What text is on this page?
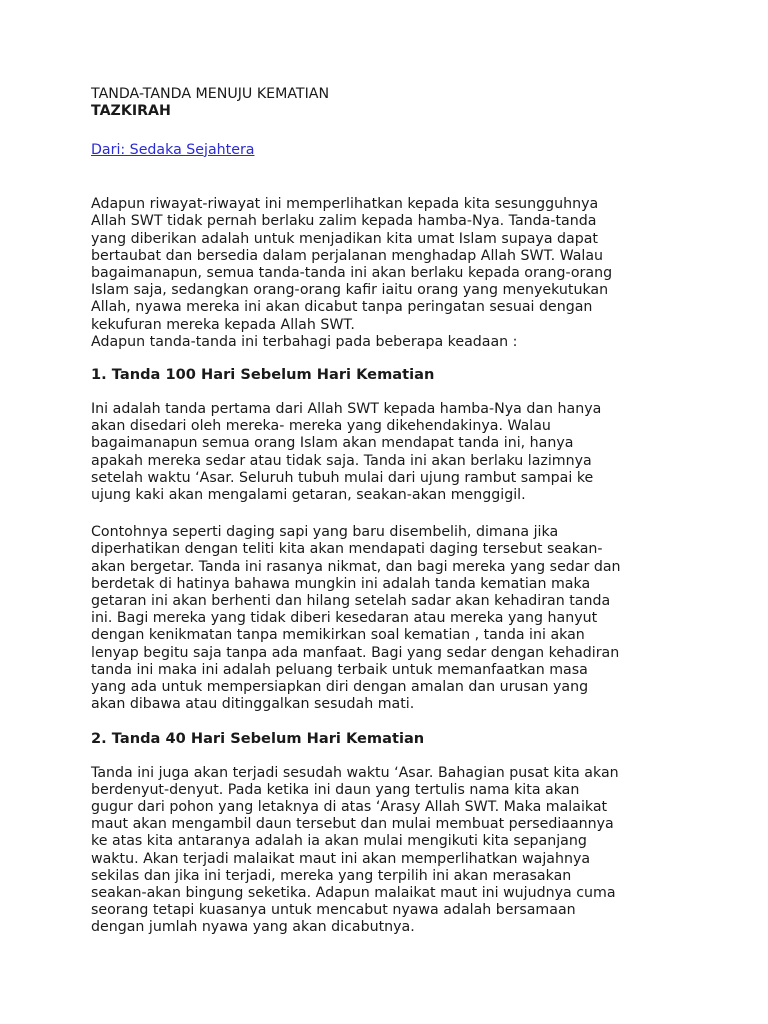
TANDA-TANDA MENUJU KEMATIAN
TAZKIRAH
Dari: Sedaka Sejahtera
Adapun riwayat-riwayat ini memperlihatkan kepada kita sesungguhnya
Allah SWT tidak pernah berlaku zalim kepada hamba-Nya. Tanda-tanda
yang diberikan adalah untuk menjadikan kita umat Islam supaya dapat
bertaubat dan bersedia dalam perjalanan menghadap Allah SWT. Walau
bagaimanapun, semua tanda-tanda ini akan berlaku kepada orang-orang
Islam saja, sedangkan orang-orang kafir iaitu orang yang menyekutukan
Allah, nyawa mereka ini akan dicabut tanpa peringatan sesuai dengan
kekufuran mereka kepada Allah SWT.
Adapun tanda-tanda ini terbahagi pada beberapa keadaan :
1. Tanda 100 Hari Sebelum Hari Kematian
Ini adalah tanda pertama dari Allah SWT kepada hamba-Nya dan hanya
akan disedari oleh mereka- mereka yang dikehendakinya. Walau
bagaimanapun semua orang Islam akan mendapat tanda ini, hanya
apakah mereka sedar atau tidak saja. Tanda ini akan berlaku lazimnya
setelah waktu ‘Asar. Seluruh tubuh mulai dari ujung rambut sampai ke
ujung kaki akan mengalami getaran, seakan-akan menggigil.
Contohnya seperti daging sapi yang baru disembelih, dimana jika
diperhatikan dengan teliti kita akan mendapati daging tersebut seakan-
akan bergetar. Tanda ini rasanya nikmat, dan bagi mereka yang sedar dan
berdetak di hatinya bahawa mungkin ini adalah tanda kematian maka
getaran ini akan berhenti dan hilang setelah sadar akan kehadiran tanda
ini. Bagi mereka yang tidak diberi kesedaran atau mereka yang hanyut
dengan kenikmatan tanpa memikirkan soal kematian , tanda ini akan
lenyap begitu saja tanpa ada manfaat. Bagi yang sedar dengan kehadiran
tanda ini maka ini adalah peluang terbaik untuk memanfaatkan masa
yang ada untuk mempersiapkan diri dengan amalan dan urusan yang
akan dibawa atau ditinggalkan sesudah mati.
2. Tanda 40 Hari Sebelum Hari Kematian
Tanda ini juga akan terjadi sesudah waktu ‘Asar. Bahagian pusat kita akan
berdenyut-denyut. Pada ketika ini daun yang tertulis nama kita akan
gugur dari pohon yang letaknya di atas ‘Arasy Allah SWT. Maka malaikat
maut akan mengambil daun tersebut dan mulai membuat persediaannya
ke atas kita antaranya adalah ia akan mulai mengikuti kita sepanjang
waktu. Akan terjadi malaikat maut ini akan memperlihatkan wajahnya
sekilas dan jika ini terjadi, mereka yang terpilih ini akan merasakan
seakan-akan bingung seketika. Adapun malaikat maut ini wujudnya cuma
seorang tetapi kuasanya untuk mencabut nyawa adalah bersamaan
dengan jumlah nyawa yang akan dicabutnya.
